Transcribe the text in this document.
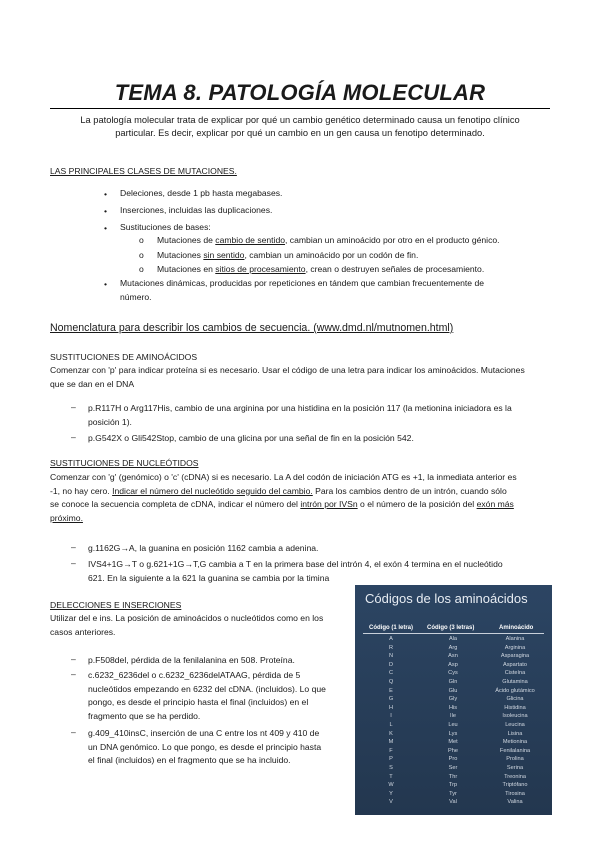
TEMA 8. PATOLOGÍA MOLECULAR
La patología molecular trata de explicar por qué un cambio genético determinado causa un fenotipo clínico
particular. Es decir, explicar por qué un cambio en un gen causa un fenotipo determinado.
LAS PRINCIPALES CLASES DE MUTACIONES.
• Deleciones, desde 1 pb hasta megabases.
• Inserciones, incluidas las duplicaciones.
• Sustituciones de bases:
o Mutaciones de cambio de sentido, cambian un aminoácido por otro en el producto génico.
o Mutaciones sin sentido, cambian un aminoácido por un codón de fin.
o Mutaciones en sitios de procesamiento, crean o destruyen señales de procesamiento.
• Mutaciones dinámicas, producidas por repeticiones en tándem que cambian frecuentemente de
número.
Nomenclatura para describir los cambios de secuencia. (www.dmd.nl/mutnomen.html)
SUSTITUCIONES DE AMINOÁCIDOS
Comenzar con 'p' para indicar proteína si es necesario. Usar el código de una letra para indicar los aminoácidos. Mutaciones
que se dan en el DNA
– p.R117H o Arg117His, cambio de una arginina por una histidina en la posición 117 (la metionina iniciadora es la
posición 1).
– p.G542X o Gli542Stop, cambio de una glicina por una señal de fin en la posición 542.
SUSTITUCIONES DE NUCLEÓTIDOS
Comenzar con 'g' (genómico) o 'c' (cDNA) si es necesario. La A del codón de iniciación ATG es +1, la inmediata anterior es
-1, no hay cero. Indicar el número del nucleótido seguido del cambio. Para los cambios dentro de un intrón, cuando sólo
se conoce la secuencia completa de cDNA, indicar el número del intrón por IVSn o el número de la posición del exón más
próximo.
– g.1162G→A, la guanina en posición 1162 cambia a adenina.
– IVS4+1G→T o g.621+1G→T,G cambia a T en la primera base del intrón 4, el exón 4 termina en el nucleótido
621. En la siguiente a la 621 la guanina se cambia por la timina
DELECCIONES E INSERCIONES
Utilizar del e ins. La posición de aminoácidos o nucleótidos como en los
casos anteriores.
– p.F508del, pérdida de la fenilalanina en 508. Proteína.
– c.6232_6236del o c.6232_6236delATAAG, pérdida de 5
nucleótidos empezando en 6232 del cDNA. (incluidos). Lo que
pongo, es desde el principio hasta el final (incluidos) en el
fragmento que se ha perdido.
– g.409_410insC, inserción de una C entre los nt 409 y 410 de
un DNA genómico. Lo que pongo, es desde el principio hasta
el final (incluidos) en el fragmento que se ha incluido.
Códigos de los aminoácidos
Código (1 letra) Código (3 letras)	Aminoácido
A	Ala	Alanina
R	Arg	Arginina
N	Asn	Asparagina
D	Asp	Aspartato
C	Cys	Cisteína
Q	Gln	Glutamina
E	Glu	Ácido glutámico
G	Gly	Glicina
H	His	Histidina
I	Ile	Isoleucina
L	Leu	Leucina
K	Lys	Lisina
M	Met	Metionina
F	Phe	Fenilalanina
P	Pro	Prolina
S	Ser	Serina
T	Thr	Treonina
W	Trp	Triptófano
Y	Tyr	Tirosina
V	Val	Valina
